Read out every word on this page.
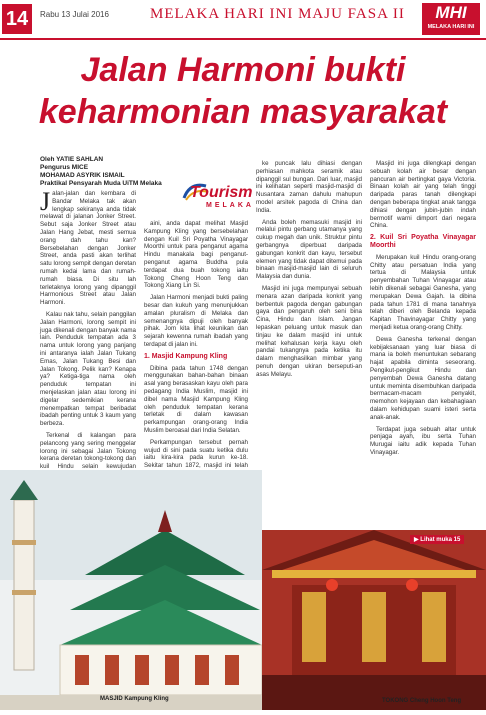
14	Rabu 13 Julai 2016	MELAKA HARI INI MAJU FASA II	MHI
MELAKA HARI INI
Jalan Harmoni bukti
keharmonian masyarakat
Oleh YATIE SAHLAN
Pengurus MICE
MOHAMAD ASYRIK ISMAIL
Praktikal Pensyarah Muda UiTM Melaka
Tourism
MELAKA

Jalan-jalan dan kembara di Bandar Melaka tak akan lengkap sekiranya anda tidak melawat di jalanan Jonker Street. Sebut saja Jonker Street atau Jalan Hang Jebat, mesti semua orang dah tahu kan? Bersebelahan dengan Jonker Street, anda pasti akan terlihat satu lorong sempit dengan deretan rumah kedai lama dan rumah-rumah biasa. Di situ lah terletaknya lorong yang dipanggil Harmonious Street atau Jalan Harmoni.

Kalau nak tahu, selain panggilan Jalan Harmoni, lorong sempit ini juga dikenali dengan banyak nama lain. Penduduk tempatan ada 3 nama untuk lorong yang panjang ini antaranya ialah Jalan Tukang Emas, Jalan Tukang Besi dan Jalan Tokong. Pelik kan? Kenapa ya? Ketiga-tiga nama oleh penduduk tempatan ini menjelaskan jalan atau lorong ini digelar sedemikian kerana menempatkan tempat beribadat ibadah penting untuk 3 kaum yang berbeza.

Terkenal di kalangan para pelancong yang sering menggelar lorong ini sebagai Jalan Tokong kerana deretan tokong-tokong dan kuil Hindu selain kewujudan

aini, anda dapat melihat Masjid Kampung Kling yang bersebelahan dengan Kuil Sri Poyatha Vinayagar Moorthi untuk para penganut agama Hindu manakala bagi penganut-penganut agama Buddha pula terdapat dua buah tokong iaitu Tokong Cheng Hoon Teng dan Tokong Xiang Lin Si.

Jalan Harmoni menjadi bukti paling besar dan kukuh yang menunjukkan amalan pluralism di Melaka dan semenangnya dipuji oleh banyak pihak. Jom kita lihat keunikan dan sejarah kewenna rumah ibadah yang terdapat di jalan ini.

1. Masjid Kampung Kling

Dibina pada tahun 1748 dengan menggunakan bahan-bahan binaan asal yang berasaskan kayu oleh para pedagang India Muslim, masjid ini dibel nama Masjid Kampung Kling oleh penduduk tempatan kerana terletak di dalam kawasan perkampungan orang-orang India Muslim beroasal dari India Selatan.

Perkampungan tersebut pernah wujud di sini pada suatu ketika dulu iaitu kira-kira pada kurun ke-18. Sekitar tahun 1872, masjid ini telah

ke puncak lalu dihiasi dengan perhiasan mahkota seramik atau dipanggil sul bungan. Dari luar, masjid ini kelihatan seperti masjid-masjid di Nusantara zaman dahulu mahupun model arsitek pagoda di China dan India.

Anda boleh memasuki masjid ini melalui pintu gerbang utamanya yang cukup megah dan unik. Struktur pintu gerbangnya diperbuat daripada gabungan konkrit dan kayu, tersebut elemen yang tidak dapat ditemui pada binaan masjid-masjid lain di seluruh Malaysia dan dunia.

Masjid ini juga mempunyai sebuah menara azan daripada konkrit yang berbentuk pagoda dengan gabungan gaya dan pengaruh oleh seni bina Cina, Hindu dan Islam. Jangan lepaskan peluang untuk masuk dan tinjau ke dalam masjid ini untuk melihat kehalusan kerja kayu oleh pandai tukangnya pada ketika itu dalam menghasilkan mimbar yang penuh dengan ukiran berseputi-an asas Melayu.

Masjid ini juga dilengkapi dengan sebuah kolah air besar dengan pancuran air bertingkat gaya Victoria. Binaan kolah air yang telah tinggi daripada paras tanah dilengkapi dengan beberapa tingkat anak tangga dihiasi dengan jubin-jubin indah bermotif warni dimport dari negara China.

2. Kuil Sri Poyatha Vinayagar Moorthi

Merupakan kuil Hindu orang-orang Chitty atau persatuan India yang tertua di Malaysia untuk penyembahan Tuhan Vinayagar atau lebih dikenali sebagai Ganesha, yang merupakan Dewa Gajah. Ia dibina pada tahun 1781 di mana tanahnya telah diberi oleh Belanda kepada Kapitan Thavinayagar Chitty yang menjadi ketua orang-orang Chitty.

Dewa Ganesha terkenal dengan kebijaksanaan yang luar biasa di mana ia boleh menuntukan sebarang hajat apabila diminta seseorang. Pengikut-pengikut Hindu dan penyembah Dewa Ganesha datang untuk meminta disembuhkan daripada bermacam-macam penyakit, memohon kejayaan dan kebahagiaan dalam kehidupan suami isteri serta anak-anak.

Terdapat juga sebuah altar untuk penjaga ayah, ibu serta Tuhan Murugai iaitu adik kepada Tuhan Vinayagar.

MASJID Kampung Kling
▶ Lihat muka 15
TOKONG Cheng Hoon Teng
